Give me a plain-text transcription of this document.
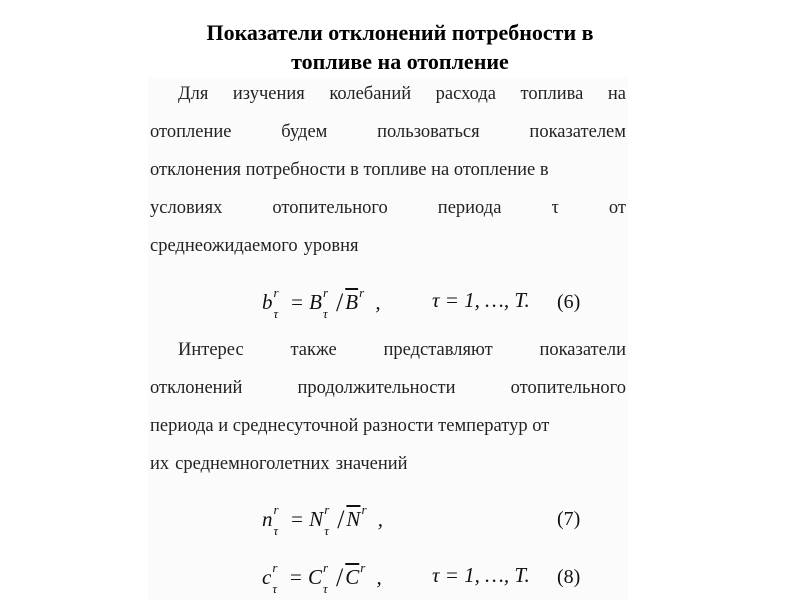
Показатели отклонений потребности в
топливе на отопление
Для изучения колебаний расхода топлива на
отопление	будем	пользоваться	показателем
отклонения потребности в топливе на отопление в
условиях	отопительного	периода	τ	от
среднеожидаемого уровня
b r
τ = B r
τ $/\overline{B}$ r , τ = 1, …, T. (6)
Интерес	также	представляют	показатели
отклонений	продолжительности	отопительного
периода и среднесуточной разности температур от
их среднемноголетних значений
n r
τ = N r
τ $/\overline{N}$ r ,	(7)
c r
τ = C r
τ $/\overline{C}$ r , τ = 1, …, T. (8)
